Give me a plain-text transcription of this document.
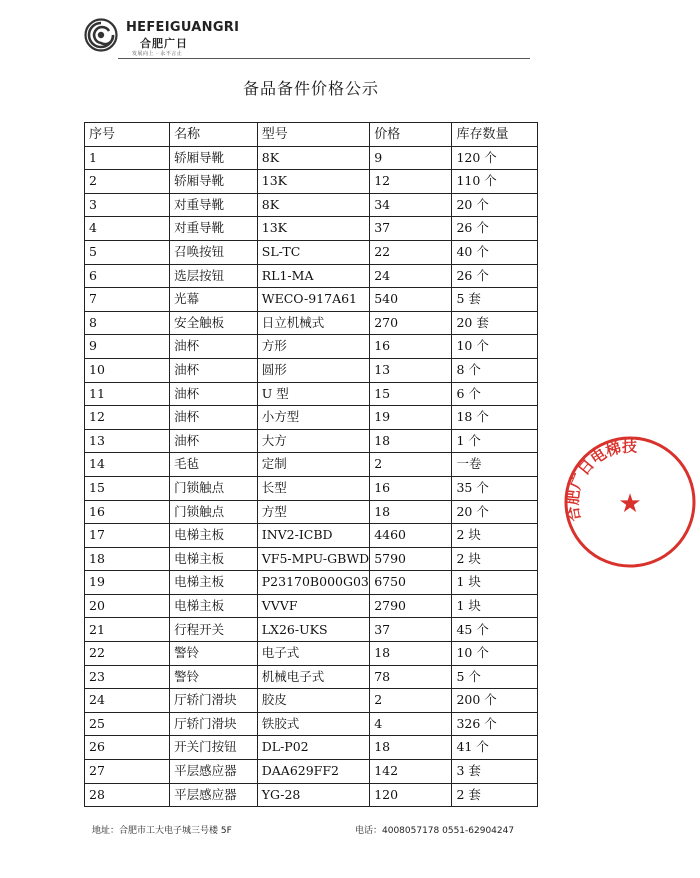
HEFEIGUANGRI
合肥广日
发展向上 · 永不言止
备品备件价格公示
序号	名称	型号	价格	库存数量
1	轿厢导靴	8K	9	120 个
2	轿厢导靴	13K	12	110 个
3	对重导靴	8K	34	20 个
4	对重导靴	13K	37	26 个
5	召唤按钮	SL-TC	22	40 个
6	选层按钮	RL1-MA	24	26 个
7	光幕	WECO-917A61	540	5 套
8	安全触板	日立机械式	270	20 套
9	油杯	方形	16	10 个
10	油杯	圆形	13	8 个
11	油杯	U 型	15	6 个
12	油杯	小方型	19	18 个
13	油杯	大方	18	1 个
14	毛毡	定制	2	一卷
15	门锁触点	长型	16	35 个
16	门锁触点	方型	18	20 个
17	电梯主板	INV2-ICBD	4460	2 块
18	电梯主板	VF5-MPU-GBWD	5790	2 块
19	电梯主板	P23170B000G03	6750	1 块
20	电梯主板	VVVF	2790	1 块
21	行程开关	LX26-UKS	37	45 个
22	警铃	电子式	18	10 个
23	警铃	机械电子式	78	5 个
24	厅轿门滑块	胶皮	2	200 个
25	厅轿门滑块	铁胶式	4	326 个
26	开关门按钮	DL-P02	18	41 个
27	平层感应器	DAA629FF2	142	3 套
28	平层感应器	YG-28	120	2 套
合肥广日电梯技
★
地址：合肥市工大电子城三号楼 5F	电话：4008057178 0551-62904247
